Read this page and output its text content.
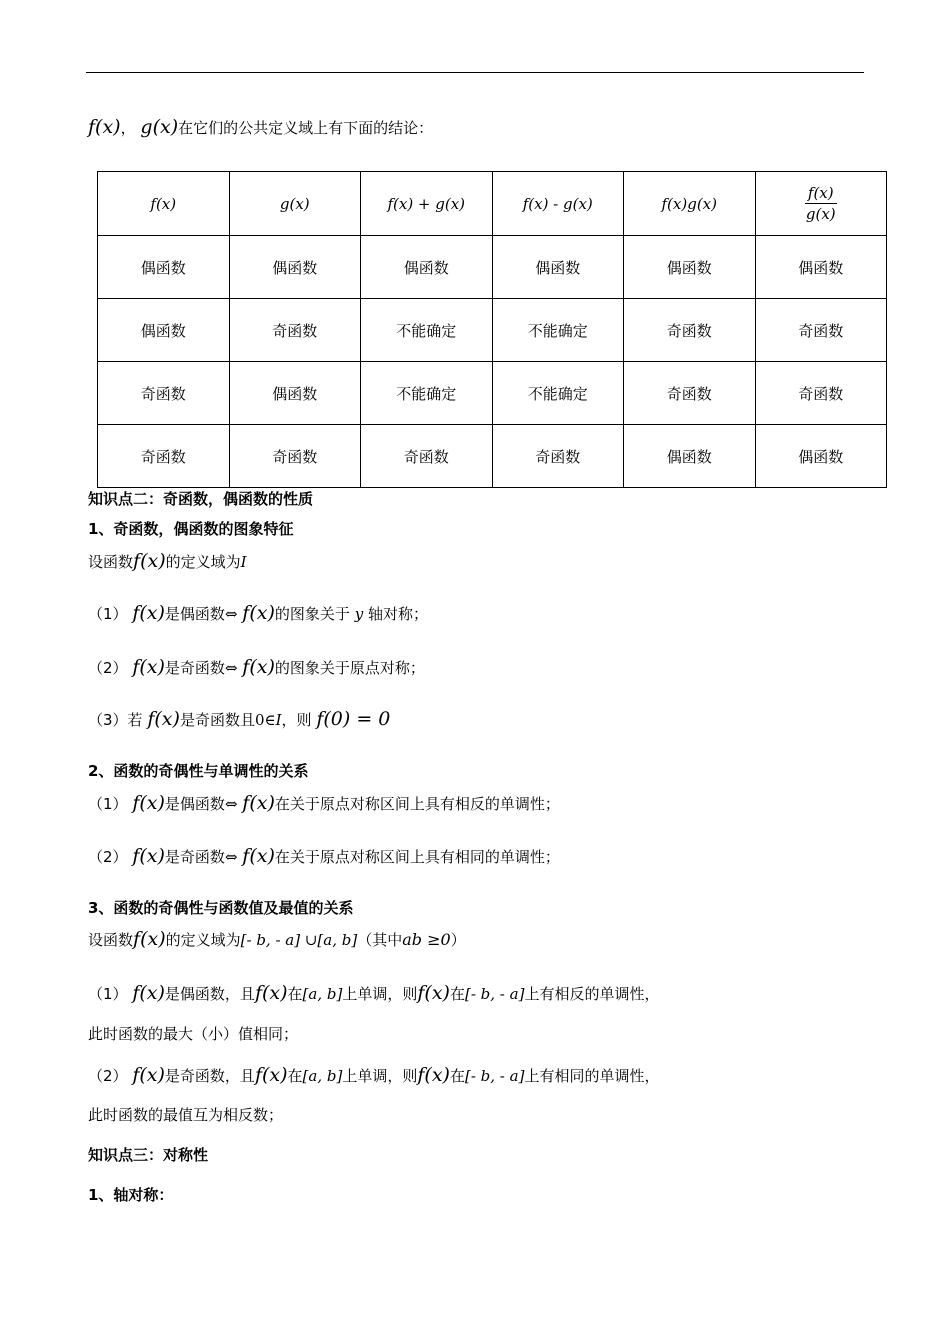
f(x)， g(x)在它们的公共定义域上有下面的结论：
f(x)	g(x)	f(x) + g(x)	f(x) - g(x)	f(x)g(x)	$\frac{f(x)}{g(x)}$

偶函数	偶函数	偶函数	偶函数	偶函数	偶函数
偶函数	奇函数	不能确定	不能确定	奇函数	奇函数
奇函数	偶函数	不能确定	不能确定	奇函数	奇函数
奇函数	奇函数	奇函数	奇函数	偶函数	偶函数
知识点二：奇函数，偶函数的性质
1、奇函数，偶函数的图象特征
设函数f(x)的定义域为I
（1） f(x)是偶函数⇔ f(x)的图象关于 y 轴对称；
（2） f(x)是奇函数⇔ f(x)的图象关于原点对称；
（3）若 f(x)是奇函数且0∈I，则 f(0) = 0
2、函数的奇偶性与单调性的关系
（1） f(x)是偶函数⇔ f(x)在关于原点对称区间上具有相反的单调性；
（2） f(x)是奇函数⇔ f(x)在关于原点对称区间上具有相同的单调性；
3、函数的奇偶性与函数值及最值的关系
设函数f(x)的定义域为[- b, - a] ∪[a, b]（其中ab ≥0）
（1） f(x)是偶函数，且f(x)在[a, b]上单调，则f(x)在[- b, - a]上有相反的单调性，
此时函数的最大（小）值相同；
（2） f(x)是奇函数，且f(x)在[a, b]上单调，则f(x)在[- b, - a]上有相同的单调性，
此时函数的最值互为相反数；
知识点三：对称性
1、轴对称：
